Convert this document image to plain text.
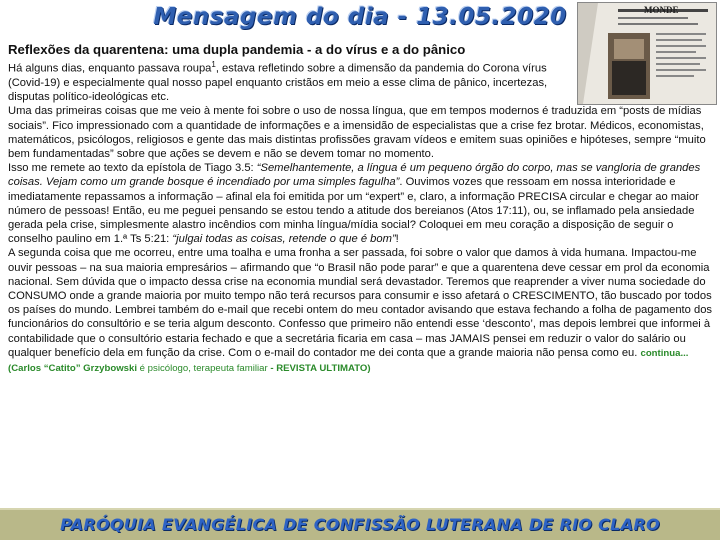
Mensagem do dia - 13.05.2020	MONDE

Reflexões da quarentena: uma dupla pandemia - a do vírus e a do pânico

Há alguns dias, enquanto passava roupa$^1$, estava refletindo sobre a dimensão da pandemia do Corona vírus (Covid-19) e especialmente qual nosso papel enquanto cristãos em meio a esse clima de pânico, incertezas, disputas político-ideológicas etc.

Uma das primeiras coisas que me veio à mente foi sobre o uso de nossa língua, que em tempos modernos é traduzida em “posts de mídias sociais”. Fico impressionado com a quantidade de informações e a imensidão de especialistas que a crise fez brotar. Médicos, economistas, matemáticos, psicólogos, religiosos e gente das mais distintas profissões gravam vídeos e emitem suas opiniões e hipóteses, sempre “muito bem fundamentadas” sobre que ações se devem e não se devem tomar no momento.

Isso me remete ao texto da epístola de Tiago 3.5: “Semelhantemente, a língua é um pequeno órgão do corpo, mas se vangloria de grandes coisas. Vejam como um grande bosque é incendiado por uma simples fagulha”. Ouvimos vozes que ressoam em nossa interioridade e imediatamente repassamos a informação – afinal ela foi emitida por um “expert” e, claro, a informação PRECISA circular e chegar ao maior número de pessoas! Então, eu me peguei pensando se estou tendo a atitude dos bereianos (Atos 17:11), ou, se inflamado pela ansiedade gerada pela crise, simplesmente alastro incêndios com minha língua/mídia social? Coloquei em meu coração a disposição de seguir o conselho paulino em 1.ª Ts 5:21: “julgai todas as coisas, retende o que é bom”!

A segunda coisa que me ocorreu, entre uma toalha e uma fronha a ser passada, foi sobre o valor que damos à vida humana. Impactou-me ouvir pessoas – na sua maioria empresários – afirmando que “o Brasil não pode parar” e que a quarentena deve cessar em prol da economia nacional. Sem dúvida que o impacto dessa crise na economia mundial será devastador. Teremos que reaprender a viver numa sociedade do CONSUMO onde a grande maioria por muito tempo não terá recursos para consumir e isso afetará o CRESCIMENTO, tão buscado por todos os países do mundo. Lembrei também do e-mail que recebi ontem do meu contador avisando que estava fechando a folha de pagamento dos funcionários do consultório e se teria algum desconto. Confesso que primeiro não entendi esse ‘desconto’, mas depois lembrei que informei à contabilidade que o consultório estaria fechado e que a secretária ficaria em casa – mas JAMAIS pensei em reduzir o valor do salário ou qualquer benefício dela em função da crise. Com o e-mail do contador me dei conta que a grande maioria não pensa como eu. continua... (Carlos “Catito” Grzybowski é psicólogo, terapeuta familiar - REVISTA ULTIMATO)

PARÓQUIA EVANGÉLICA DE CONFISSÃO LUTERANA DE RIO CLARO
